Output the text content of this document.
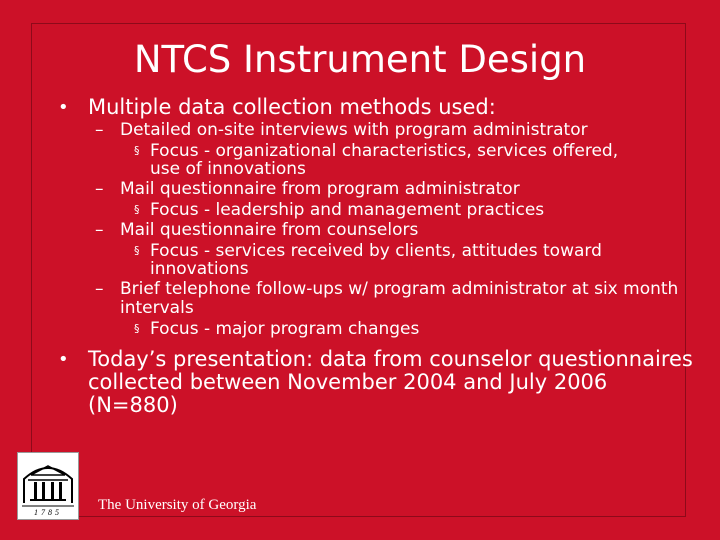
NTCS Instrument Design
• Multiple data collection methods used:
– Detailed on-site interviews with program administrator
§ Focus - organizational characteristics, services offered, use of innovations
– Mail questionnaire from program administrator
§ Focus - leadership and management practices
– Mail questionnaire from counselors
§ Focus - services received by clients, attitudes toward innovations
– Brief telephone follow-ups w/ program administrator at six month intervals
§ Focus - major program changes
• Today’s presentation: data from counselor questionnaires collected between November 2004 and July 2006 (N=880)
1785 The University of Georgia
